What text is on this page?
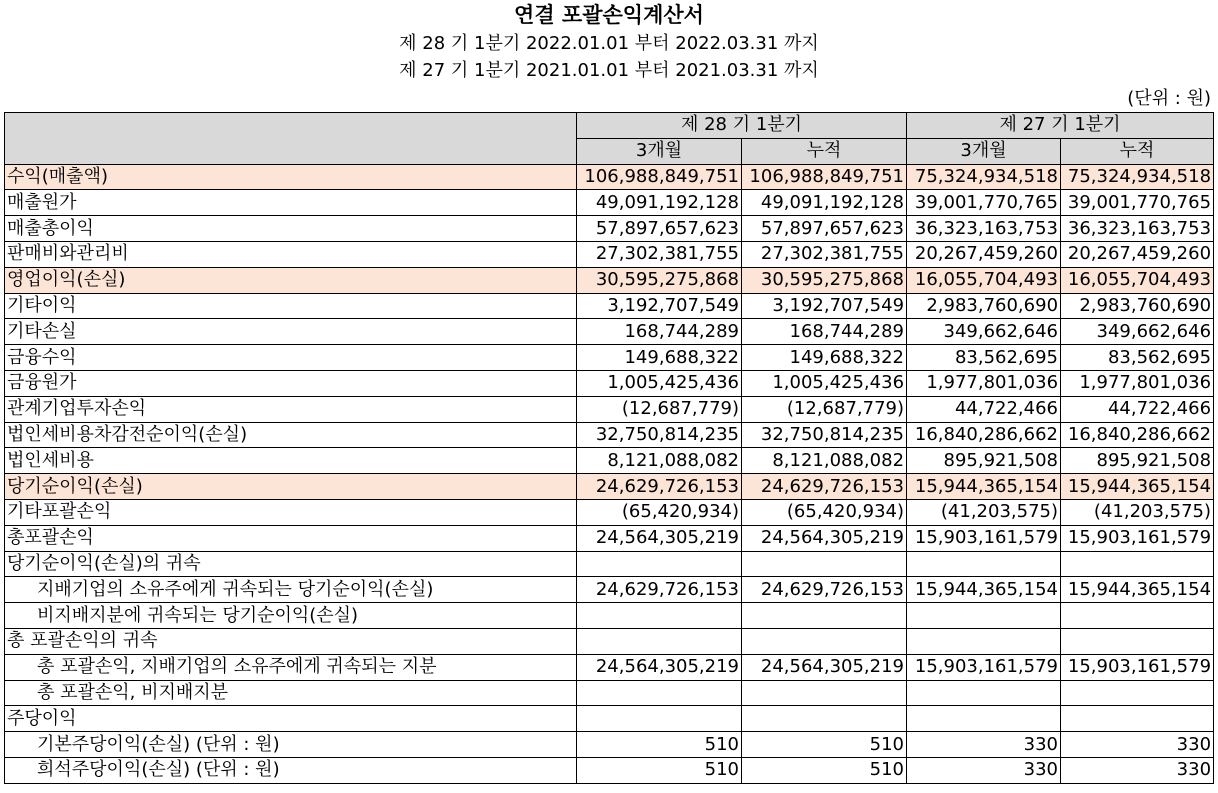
연결 포괄손익계산서
제 28 기 1분기 2022.01.01 부터 2022.03.31 까지
제 27 기 1분기 2021.01.01 부터 2021.03.31 까지
(단위 : 원)
	제 28 기 1분기		제 27 기 1분기	
	3개월	누적	3개월	누적
수익(매출액)	106,988,849,751	106,988,849,751	75,324,934,518	75,324,934,518
매출원가	49,091,192,128	49,091,192,128	39,001,770,765	39,001,770,765
매출총이익	57,897,657,623	57,897,657,623	36,323,163,753	36,323,163,753
판매비와관리비	27,302,381,755	27,302,381,755	20,267,459,260	20,267,459,260
영업이익(손실)	30,595,275,868	30,595,275,868	16,055,704,493	16,055,704,493
기타이익	3,192,707,549	3,192,707,549	2,983,760,690	2,983,760,690
기타손실	168,744,289	168,744,289	349,662,646	349,662,646
금융수익	149,688,322	149,688,322	83,562,695	83,562,695
금융원가	1,005,425,436	1,005,425,436	1,977,801,036	1,977,801,036
관계기업투자손익	(12,687,779)	(12,687,779)	44,722,466	44,722,466
법인세비용차감전순이익(손실)	32,750,814,235	32,750,814,235	16,840,286,662	16,840,286,662
법인세비용	8,121,088,082	8,121,088,082	895,921,508	895,921,508
당기순이익(손실)	24,629,726,153	24,629,726,153	15,944,365,154	15,944,365,154
기타포괄손익	(65,420,934)	(65,420,934)	(41,203,575)	(41,203,575)
총포괄손익	24,564,305,219	24,564,305,219	15,903,161,579	15,903,161,579
당기순이익(손실)의 귀속				
지배기업의 소유주에게 귀속되는 당기순이익(손실)	24,629,726,153	24,629,726,153	15,944,365,154	15,944,365,154
비지배지분에 귀속되는 당기순이익(손실)				
총 포괄손익의 귀속				
총 포괄손익, 지배기업의 소유주에게 귀속되는 지분	24,564,305,219	24,564,305,219	15,903,161,579	15,903,161,579
총 포괄손익, 비지배지분				
주당이익				
기본주당이익(손실) (단위 : 원)	510	510	330	330
희석주당이익(손실) (단위 : 원)	510	510	330	330
